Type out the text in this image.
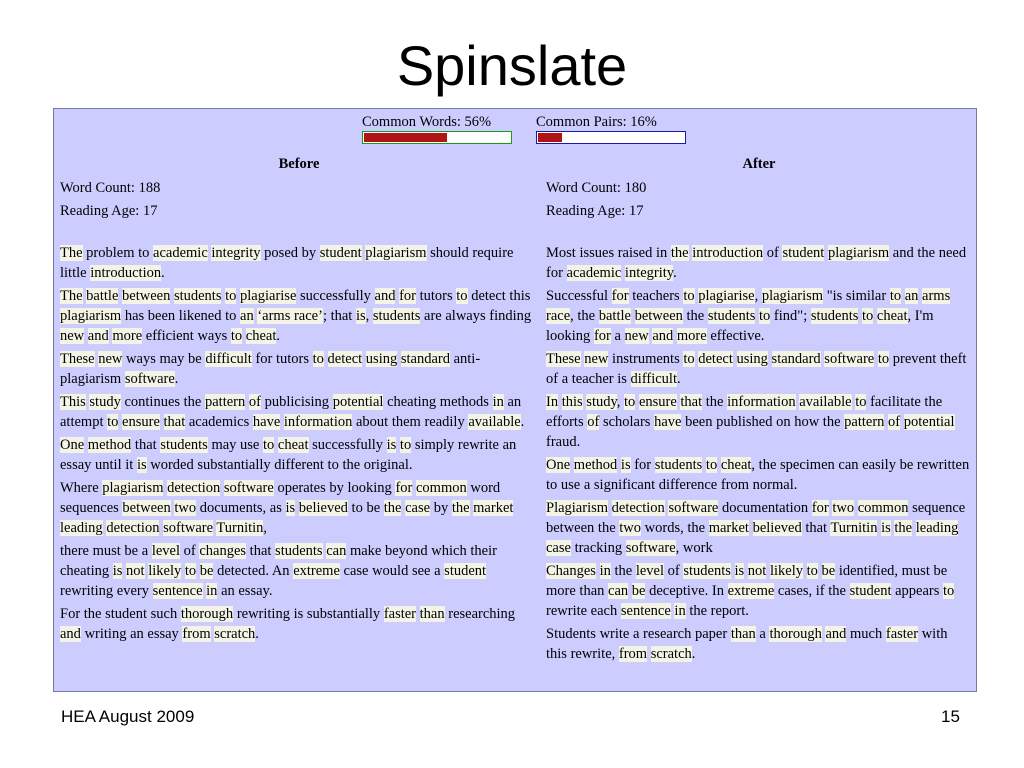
Spinslate
Common Words: 56%	Common Pairs: 16%
Before

Word Count: 188

Reading Age: 17

The problem to academic integrity posed by student plagiarism should require little introduction.

The battle between students to plagiarise successfully and for tutors to detect this plagiarism has been likened to an ‘arms race’; that is, students are always finding new and more efficient ways to cheat.

These new ways may be difficult for tutors to detect using standard anti-plagiarism software.

This study continues the pattern of publicising potential cheating methods in an attempt to ensure that academics have information about them readily available.

One method that students may use to cheat successfully is to simply rewrite an essay until it is worded substantially different to the original.

Where plagiarism detection software operates by looking for common word sequences between two documents, as is believed to be the case by the market leading detection software Turnitin,

there must be a level of changes that students can make beyond which their cheating is not likely to be detected. An extreme case would see a student rewriting every sentence in an essay.

For the student such thorough rewriting is substantially faster than researching and writing an essay from scratch.

After

Word Count: 180

Reading Age: 17

Most issues raised in the introduction of student plagiarism and the need for academic integrity.

Successful for teachers to plagiarise, plagiarism "is similar to an arms race, the battle between the students to find"; students to cheat, I'm looking for a new and more effective.

These new instruments to detect using standard software to prevent theft of a teacher is difficult.

In this study, to ensure that the information available to facilitate the efforts of scholars have been published on how the pattern of potential fraud.

One method is for students to cheat, the specimen can easily be rewritten to use a significant difference from normal.

Plagiarism detection software documentation for two common sequence between the two words, the market believed that Turnitin is the leading case tracking software, work

Changes in the level of students is not likely to be identified, must be more than can be deceptive. In extreme cases, if the student appears to rewrite each sentence in the report.

Students write a research paper than a thorough and much faster with this rewrite, from scratch.

HEA August 2009	15
